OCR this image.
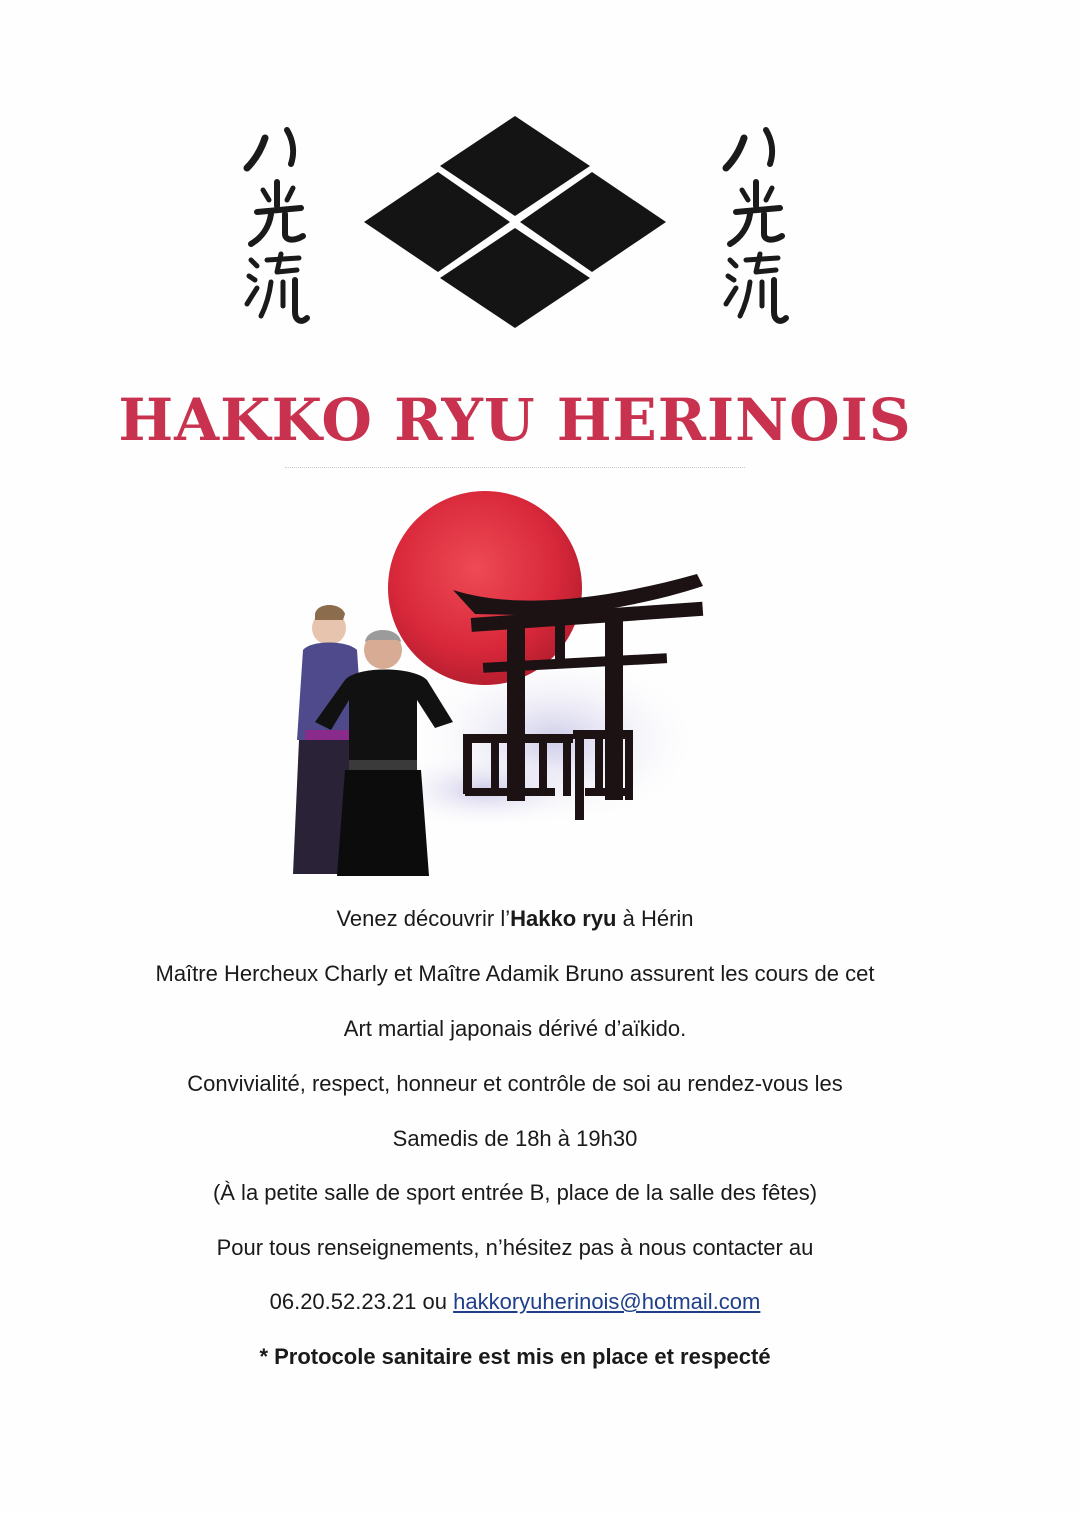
HAKKO RYU HERINOIS
Venez découvrir l’Hakko ryu à Hérin
Maître Hercheux Charly et Maître Adamik Bruno assurent les cours de cet
Art martial japonais dérivé d’aïkido.
Convivialité, respect, honneur et contrôle de soi au rendez-vous les
Samedis de 18h à 19h30
(À la petite salle de sport entrée B, place de la salle des fêtes)
Pour tous renseignements, n’hésitez pas à nous contacter au
06.20.52.23.21 ou hakkoryuherinois@hotmail.com
* Protocole sanitaire est mis en place et respecté
